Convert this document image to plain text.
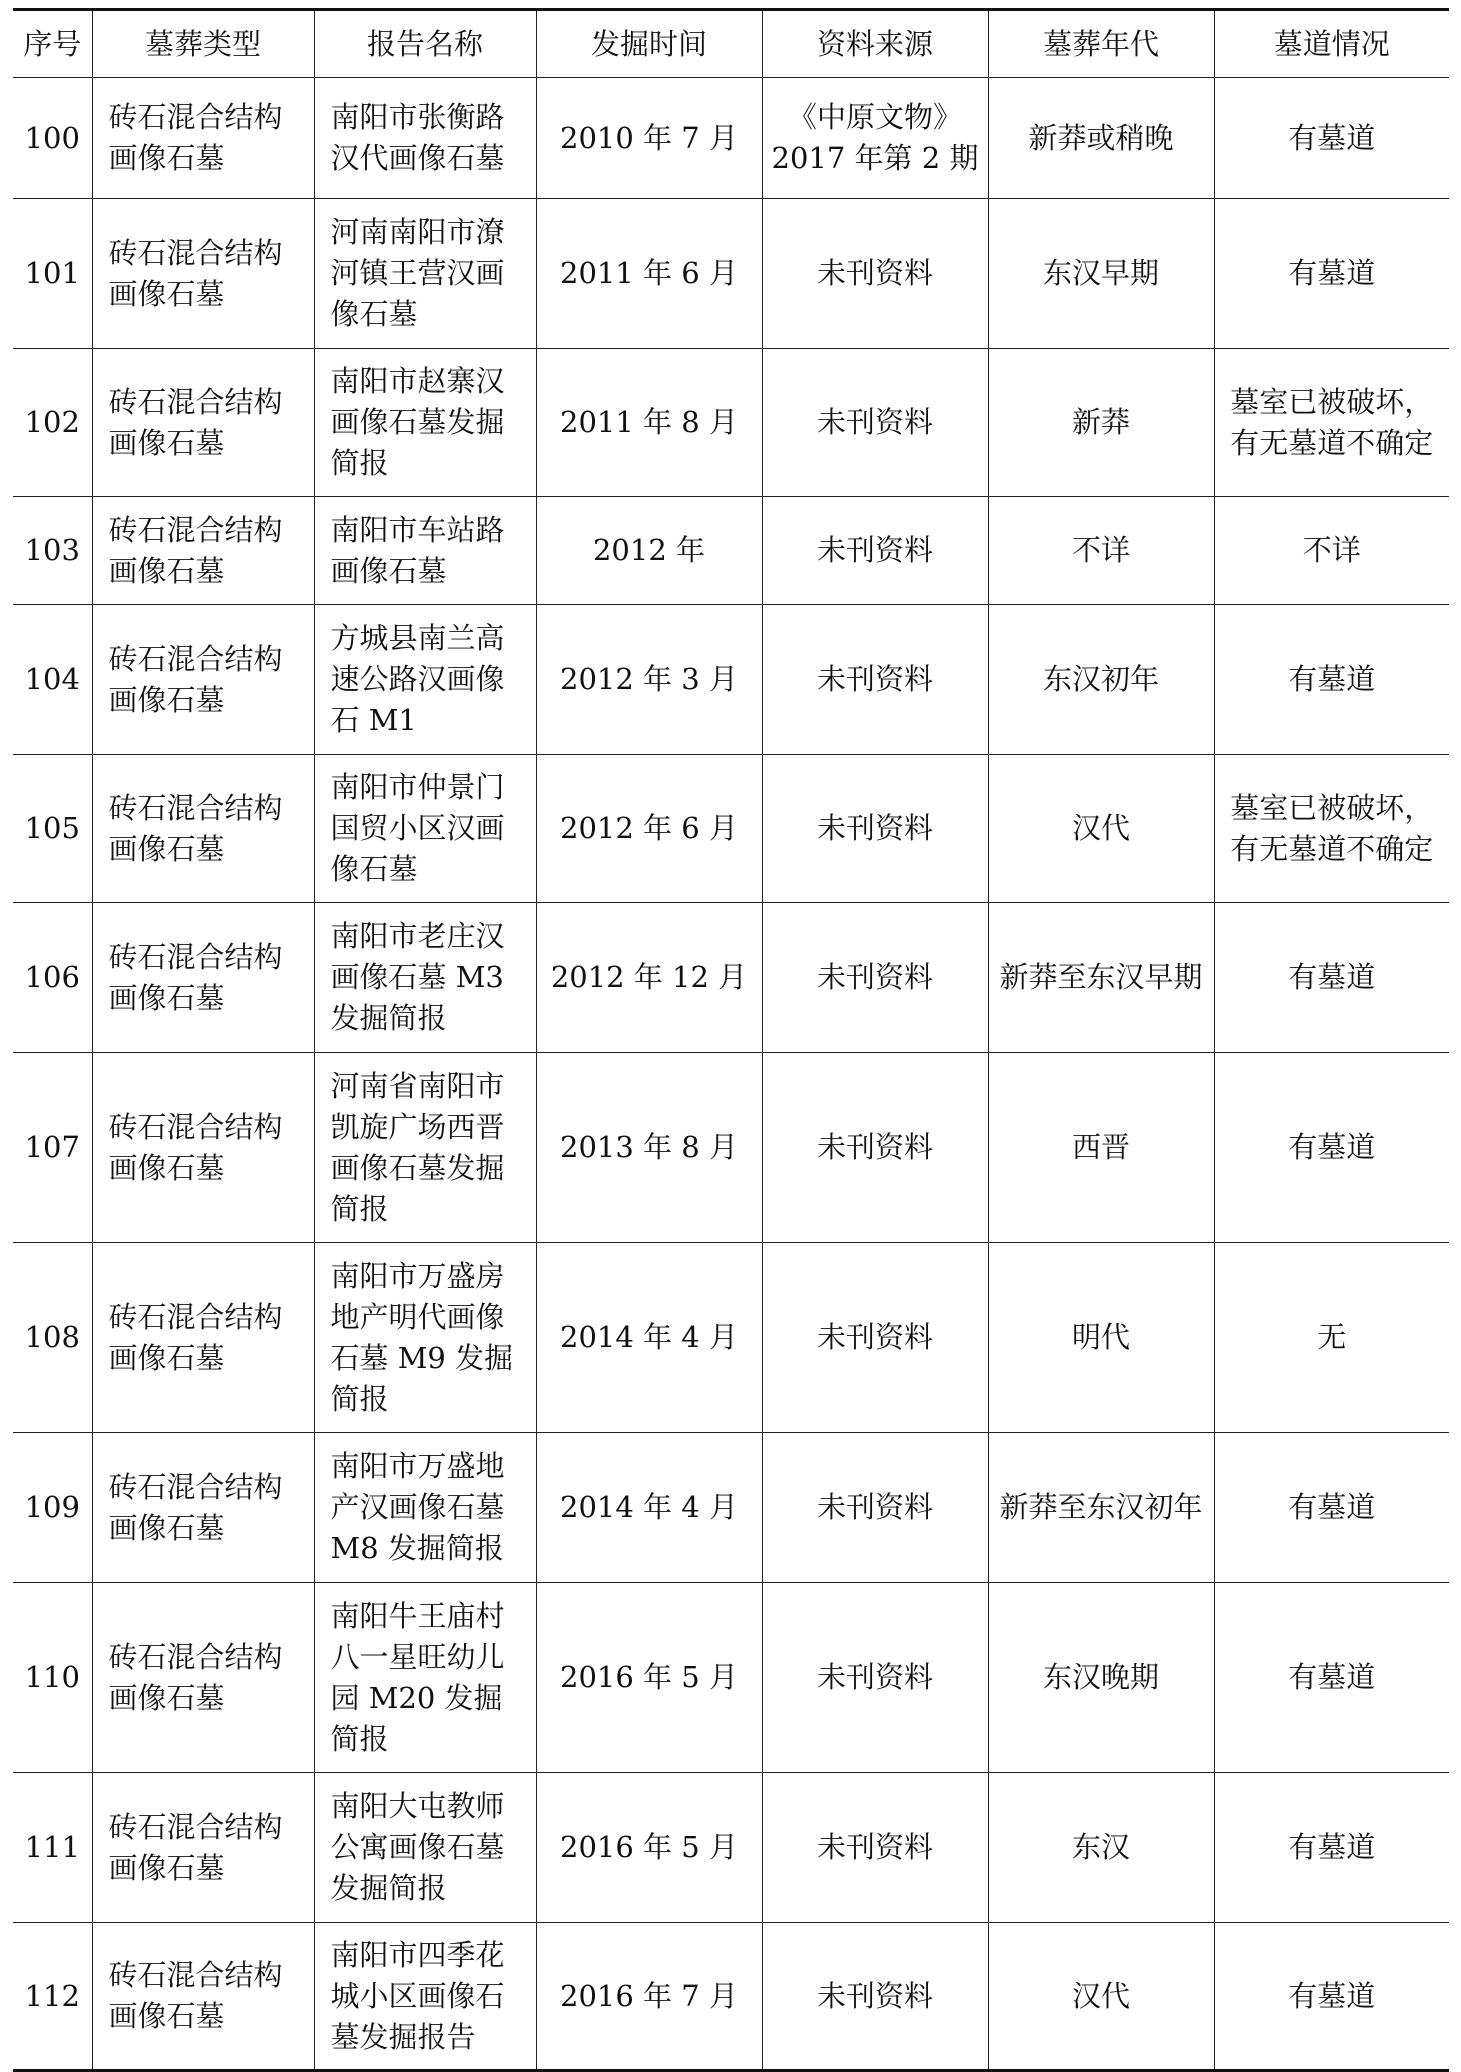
序号	墓葬类型	报告名称	发掘时间	资料来源	墓葬年代	墓道情况
100	砖石混合结构画像石墓	南阳市张衡路汉代画像石墓	2010 年 7 月	《中原文物》2017 年第 2 期	新莽或稍晚	有墓道
101	砖石混合结构画像石墓	河南南阳市潦河镇王营汉画像石墓	2011 年 6 月	未刊资料	东汉早期	有墓道
102	砖石混合结构画像石墓	南阳市赵寨汉画像石墓发掘简报	2011 年 8 月	未刊资料	新莽	墓室已被破坏，有无墓道不确定
103	砖石混合结构画像石墓	南阳市车站路画像石墓	2012 年	未刊资料	不详	不详
104	砖石混合结构画像石墓	方城县南兰高速公路汉画像石 M1	2012 年 3 月	未刊资料	东汉初年	有墓道
105	砖石混合结构画像石墓	南阳市仲景门国贸小区汉画像石墓	2012 年 6 月	未刊资料	汉代	墓室已被破坏，有无墓道不确定
106	砖石混合结构画像石墓	南阳市老庄汉画像石墓 M3 发掘简报	2012 年 12 月	未刊资料	新莽至东汉早期	有墓道
107	砖石混合结构画像石墓	河南省南阳市凯旋广场西晋画像石墓发掘简报	2013 年 8 月	未刊资料	西晋	有墓道
108	砖石混合结构画像石墓	南阳市万盛房地产明代画像石墓 M9 发掘简报	2014 年 4 月	未刊资料	明代	无
109	砖石混合结构画像石墓	南阳市万盛地产汉画像石墓 M8 发掘简报	2014 年 4 月	未刊资料	新莽至东汉初年	有墓道
110	砖石混合结构画像石墓	南阳牛王庙村八一星旺幼儿园 M20 发掘简报	2016 年 5 月	未刊资料	东汉晚期	有墓道
111	砖石混合结构画像石墓	南阳大屯教师公寓画像石墓发掘简报	2016 年 5 月	未刊资料	东汉	有墓道
112	砖石混合结构画像石墓	南阳市四季花城小区画像石墓发掘报告	2016 年 7 月	未刊资料	汉代	有墓道
